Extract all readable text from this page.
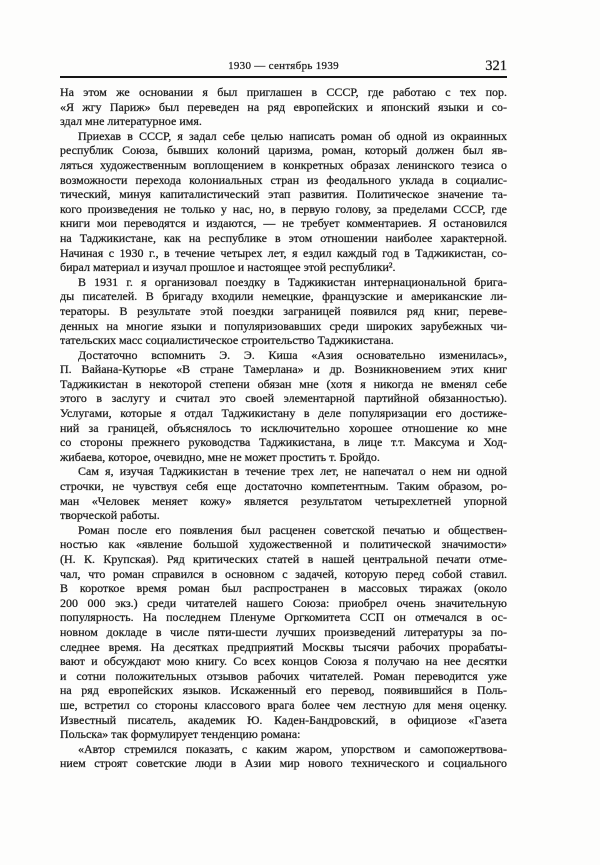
1930 — сентябрь 1939	321
На этом же основании я был приглашен в СССР, где работаю с тех пор.
«Я жгу Париж» был переведен на ряд европейских и японский языки и со-
здал мне литературное имя.
Приехав в СССР, я задал себе целью написать роман об одной из окраинных
республик Союза, бывших колоний царизма, роман, который должен был яв-
ляться художественным воплощением в конкретных образах ленинского тезиса о
возможности перехода колониальных стран из феодального уклада в социалис-
тический, минуя капиталистический этап развития. Политическое значение та-
кого произведения не только у нас, но, в первую голову, за пределами СССР, где
книги мои переводятся и издаются, — не требует комментариев. Я остановился
на Таджикистане, как на республике в этом отношении наиболее характерной.
Начиная с 1930 г., в течение четырех лет, я ездил каждый год в Таджикистан, со-
бирал материал и изучал прошлое и настоящее этой республики².
В 1931 г. я организовал поездку в Таджикистан интернациональной брига-
ды писателей. В бригаду входили немецкие, французские и американские ли-
тераторы. В результате этой поездки заграницей появился ряд книг, переве-
денных на многие языки и популяризовавших среди широких зарубежных чи-
тательских масс социалистическое строительство Таджикистана.
Достаточно вспомнить Э. Э. Киша «Азия основательно изменилась»,
П. Вайана-Кутюрье «В стране Тамерлана» и др. Возникновением этих книг
Таджикистан в некоторой степени обязан мне (хотя я никогда не вменял себе
этого в заслугу и считал это своей элементарной партийной обязанностью).
Услугами, которые я отдал Таджикистану в деле популяризации его достиже-
ний за границей, объяснялось то исключительно хорошее отношение ко мне
со стороны прежнего руководства Таджикистана, в лице т.т. Максума и Ход-
жибаева, которое, очевидно, мне не может простить т. Бройдо.
Сам я, изучая Таджикистан в течение трех лет, не напечатал о нем ни одной
строчки, не чувствуя себя еще достаточно компетентным. Таким образом, ро-
ман «Человек меняет кожу» является результатом четырехлетней упорной
творческой работы.
Роман после его появления был расценен советской печатью и обществен-
ностью как «явление большой художественной и политической значимости»
(Н. К. Крупская). Ряд критических статей в нашей центральной печати отме-
чал, что роман справился в основном с задачей, которую перед собой ставил.
В короткое время роман был распространен в массовых тиражах (около
200 000 экз.) среди читателей нашего Союза: приобрел очень значительную
популярность. На последнем Пленуме Оргкомитета ССП он отмечался в ос-
новном докладе в числе пяти-шести лучших произведений литературы за по-
следнее время. На десятках предприятий Москвы тысячи рабочих прорабаты-
вают и обсуждают мою книгу. Со всех концов Союза я получаю на нее десятки
и сотни положительных отзывов рабочих читателей. Роман переводится уже
на ряд европейских языков. Искаженный его перевод, появившийся в Поль-
ше, встретил со стороны классового врага более чем лестную для меня оценку.
Известный писатель, академик Ю. Каден-Бандровский, в официозе «Газета
Польска» так формулирует тенденцию романа:
«Автор стремился показать, с каким жаром, упорством и самопожертвова-
нием строят советские люди в Азии мир нового технического и социального
